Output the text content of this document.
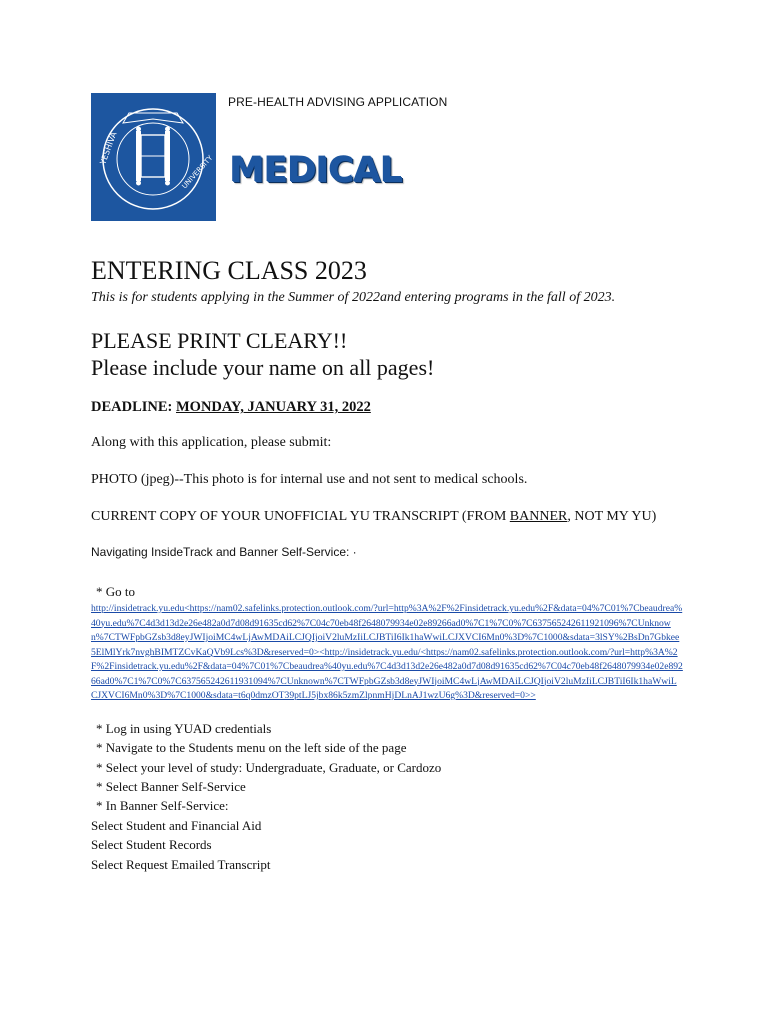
YESHIVA
UNIVERSITY
PRE-HEALTH ADVISING APPLICATION
MEDICAL
ENTERING CLASS 2023
This is for students applying in the Summer of 2022and entering programs in the fall of 2023.
PLEASE PRINT CLEARY!!
Please include your name on all pages!
DEADLINE: MONDAY, JANUARY 31, 2022
Along with this application, please submit:
PHOTO (jpeg)--This photo is for internal use and not sent to medical schools.
CURRENT COPY OF YOUR UNOFFICIAL YU TRANSCRIPT (FROM BANNER, NOT MY YU)
Navigating InsideTrack and Banner Self-Service: ·
* Go to
http://insidetrack.yu.edu<https://nam02.safelinks.protection.outlook.com/?url=http%3A%2F%2Finsidetrack.yu.edu%2F&data=04%7C01%7Cbeaudrea%40yu.edu%7C4d3d13d2e26e482a0d7d08d91635cd62%7C04c70eb48f2648079934e02e89266ad0%7C1%7C0%7C637565242611921096%7CUnknown%7CTWFpbGZsb3d8eyJWIjoiMC4wLjAwMDAiLCJQIjoiV2luMzIiLCJBTiI6Ik1haWwiLCJXVCI6Mn0%3D%7C1000&sdata=3lSY%2BsDn7Gbkee5ElMlYrk7nvghBIMTZCvKaQVb9Lcs%3D&reserved=0><http://insidetrack.yu.edu/<https://nam02.safelinks.protection.outlook.com/?url=http%3A%2F%2Finsidetrack.yu.edu%2F&data=04%7C01%7Cbeaudrea%40yu.edu%7C4d3d13d2e26e482a0d7d08d91635cd62%7C04c70eb48f2648079934e02e89266ad0%7C1%7C0%7C637565242611931094%7CUnknown%7CTWFpbGZsb3d8eyJWIjoiMC4wLjAwMDAiLCJQIjoiV2luMzIiLCJBTiI6Ik1haWwiLCJXVCI6Mn0%3D%7C1000&sdata=t6q0dmzOT39ptLJ5jbx86k5zmZlpnmHjDLnAJ1wzU6g%3D&reserved=0>>
* Log in using YUAD credentials
* Navigate to the Students menu on the left side of the page
* Select your level of study: Undergraduate, Graduate, or Cardozo
* Select Banner Self-Service
* In Banner Self-Service:
Select Student and Financial Aid
Select Student Records
Select Request Emailed Transcript
